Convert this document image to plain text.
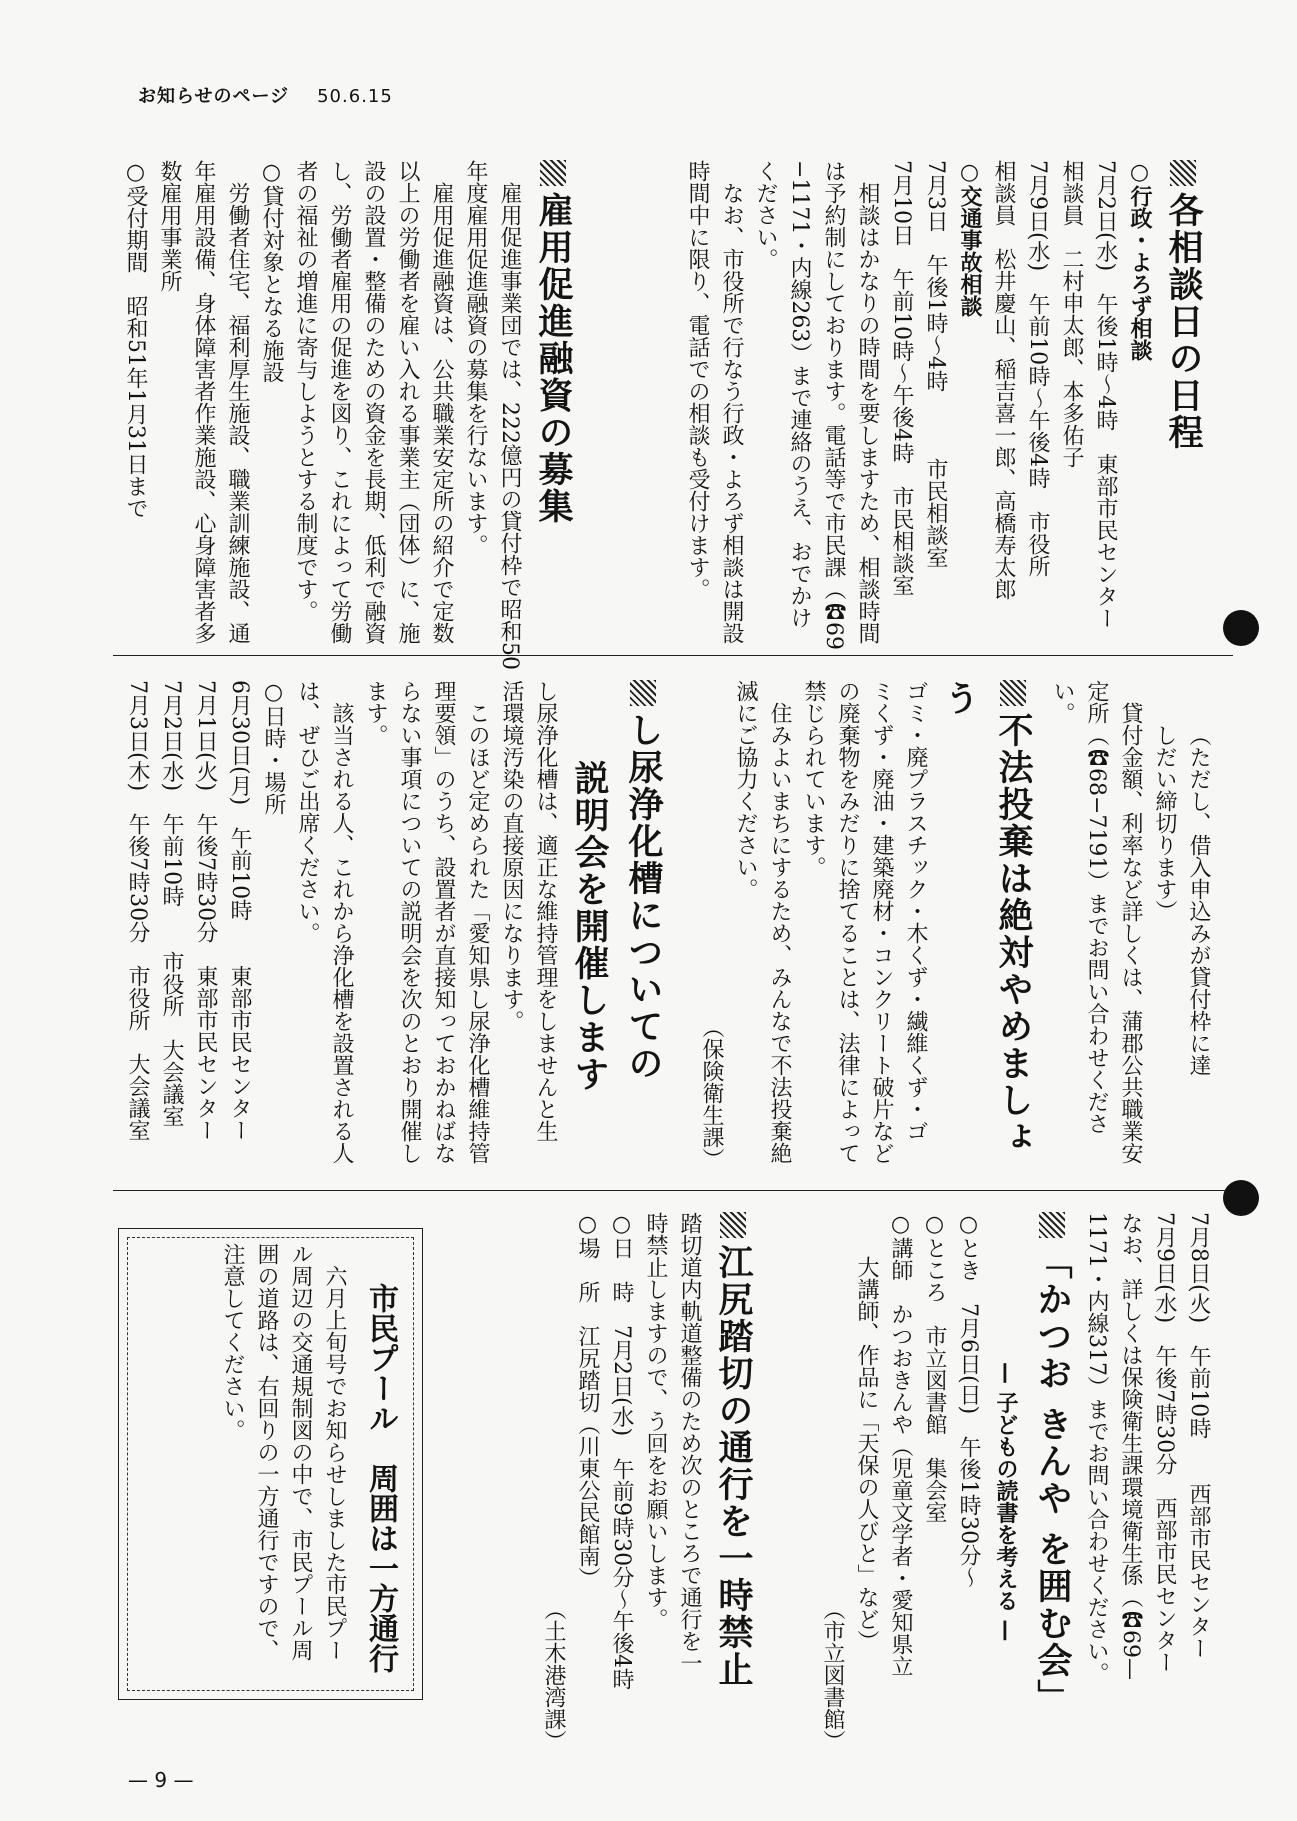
お知らせのページ 50.6.15
各相談日の日程
○行政・よろず相談
7月2日(水)　午後1時～4時　東部市民センター
相談員　二村申太郎、本多佑子
7月9日(水)　午前10時～午後4時　市役所
相談員　松井慶山、稲吉喜一郎、高橋寿太郎
○交通事故相談
7月3日　午後1時～4時　　　市民相談室
7月10日　午前10時～午後4時　市民相談室
相談はかなりの時間を要しますため、相談時間
は予約制にしております。電話等で市民課（☎69
−1171・内線263）まで連絡のうえ、おでかけ
ください。
なお、市役所で行なう行政・よろず相談は開設
時間中に限り、電話での相談も受付けます。
雇用促進融資の募集
雇用促進事業団では、222億円の貸付枠で昭和50
年度雇用促進融資の募集を行ないます。
雇用促進融資は、公共職業安定所の紹介で定数
以上の労働者を雇い入れる事業主（団体）に、施
設の設置・整備のための資金を長期、低利で融資
し、労働者雇用の促進を図り、これによって労働
者の福祉の増進に寄与しようとする制度です。
○貸付対象となる施設
労働者住宅、福利厚生施設、職業訓練施設、通
年雇用設備、身体障害者作業施設、心身障害者多
数雇用事業所
○受付期間　昭和51年1月31日まで
（ただし、借入申込みが貸付枠に達
しだい締切ります）
貸付金額、利率など詳しくは、蒲郡公共職業安
定所（☎68−7191）までお問い合わせくださ
い。
不法投棄は絶対やめましょう
ゴミ・廃プラスチック・木くず・繊維くず・ゴ
ミくず・廃油・建築廃材・コンクリート破片など
の廃棄物をみだりに捨てることは、法律によって
禁じられています。
住みよいまちにするため、みんなで不法投棄絶
滅にご協力ください。
（保険衛生課）
し尿浄化槽についての
説明会を開催します
し尿浄化槽は、適正な維持管理をしませんと生
活環境汚染の直接原因になります。
このほど定められた「愛知県し尿浄化槽維持管
理要領」のうち、設置者が直接知っておかねばな
らない事項についての説明会を次のとおり開催し
ます。
該当される人、これから浄化槽を設置される人
は、ぜひご出席ください。
○日時・場所
6月30日(月)　午前10時　　東部市民センター
7月1日(火)　午後7時30分　東部市民センター
7月2日(水)　午前10時　　市役所　大会議室
7月3日(木)　午後7時30分　市役所　大会議室
7月8日(火)　午前10時　　西部市民センター
7月9日(水)　午後7時30分　西部市民センター
なお、詳しくは保険衛生課環境衛生係（☎69—
1171・内線317）までお問い合わせください。
「かつお きんや を囲む会」
— 子どもの読書を考える —
○とき　7月6日(日)　午後1時30分～
○ところ　市立図書館　集会室
○講師　かつおきんや（児童文学者・愛知県立
大講師、作品に「天保の人びと」など）
（市立図書館）
江尻踏切の通行を一時禁止
踏切道内軌道整備のため次のところで通行を一
時禁止しますので、う回をお願いします。
○日　時　7月2日(水)　午前9時30分～午後4時
○場　所　江尻踏切（川東公民館南）
（土木港湾課）
市民プール　周囲は一方通行
六月上旬号でお知らせしました市民プー
ル周辺の交通規制図の中で、市民プール周
囲の道路は、右回りの一方通行ですので、
注意してください。
— 9 —
